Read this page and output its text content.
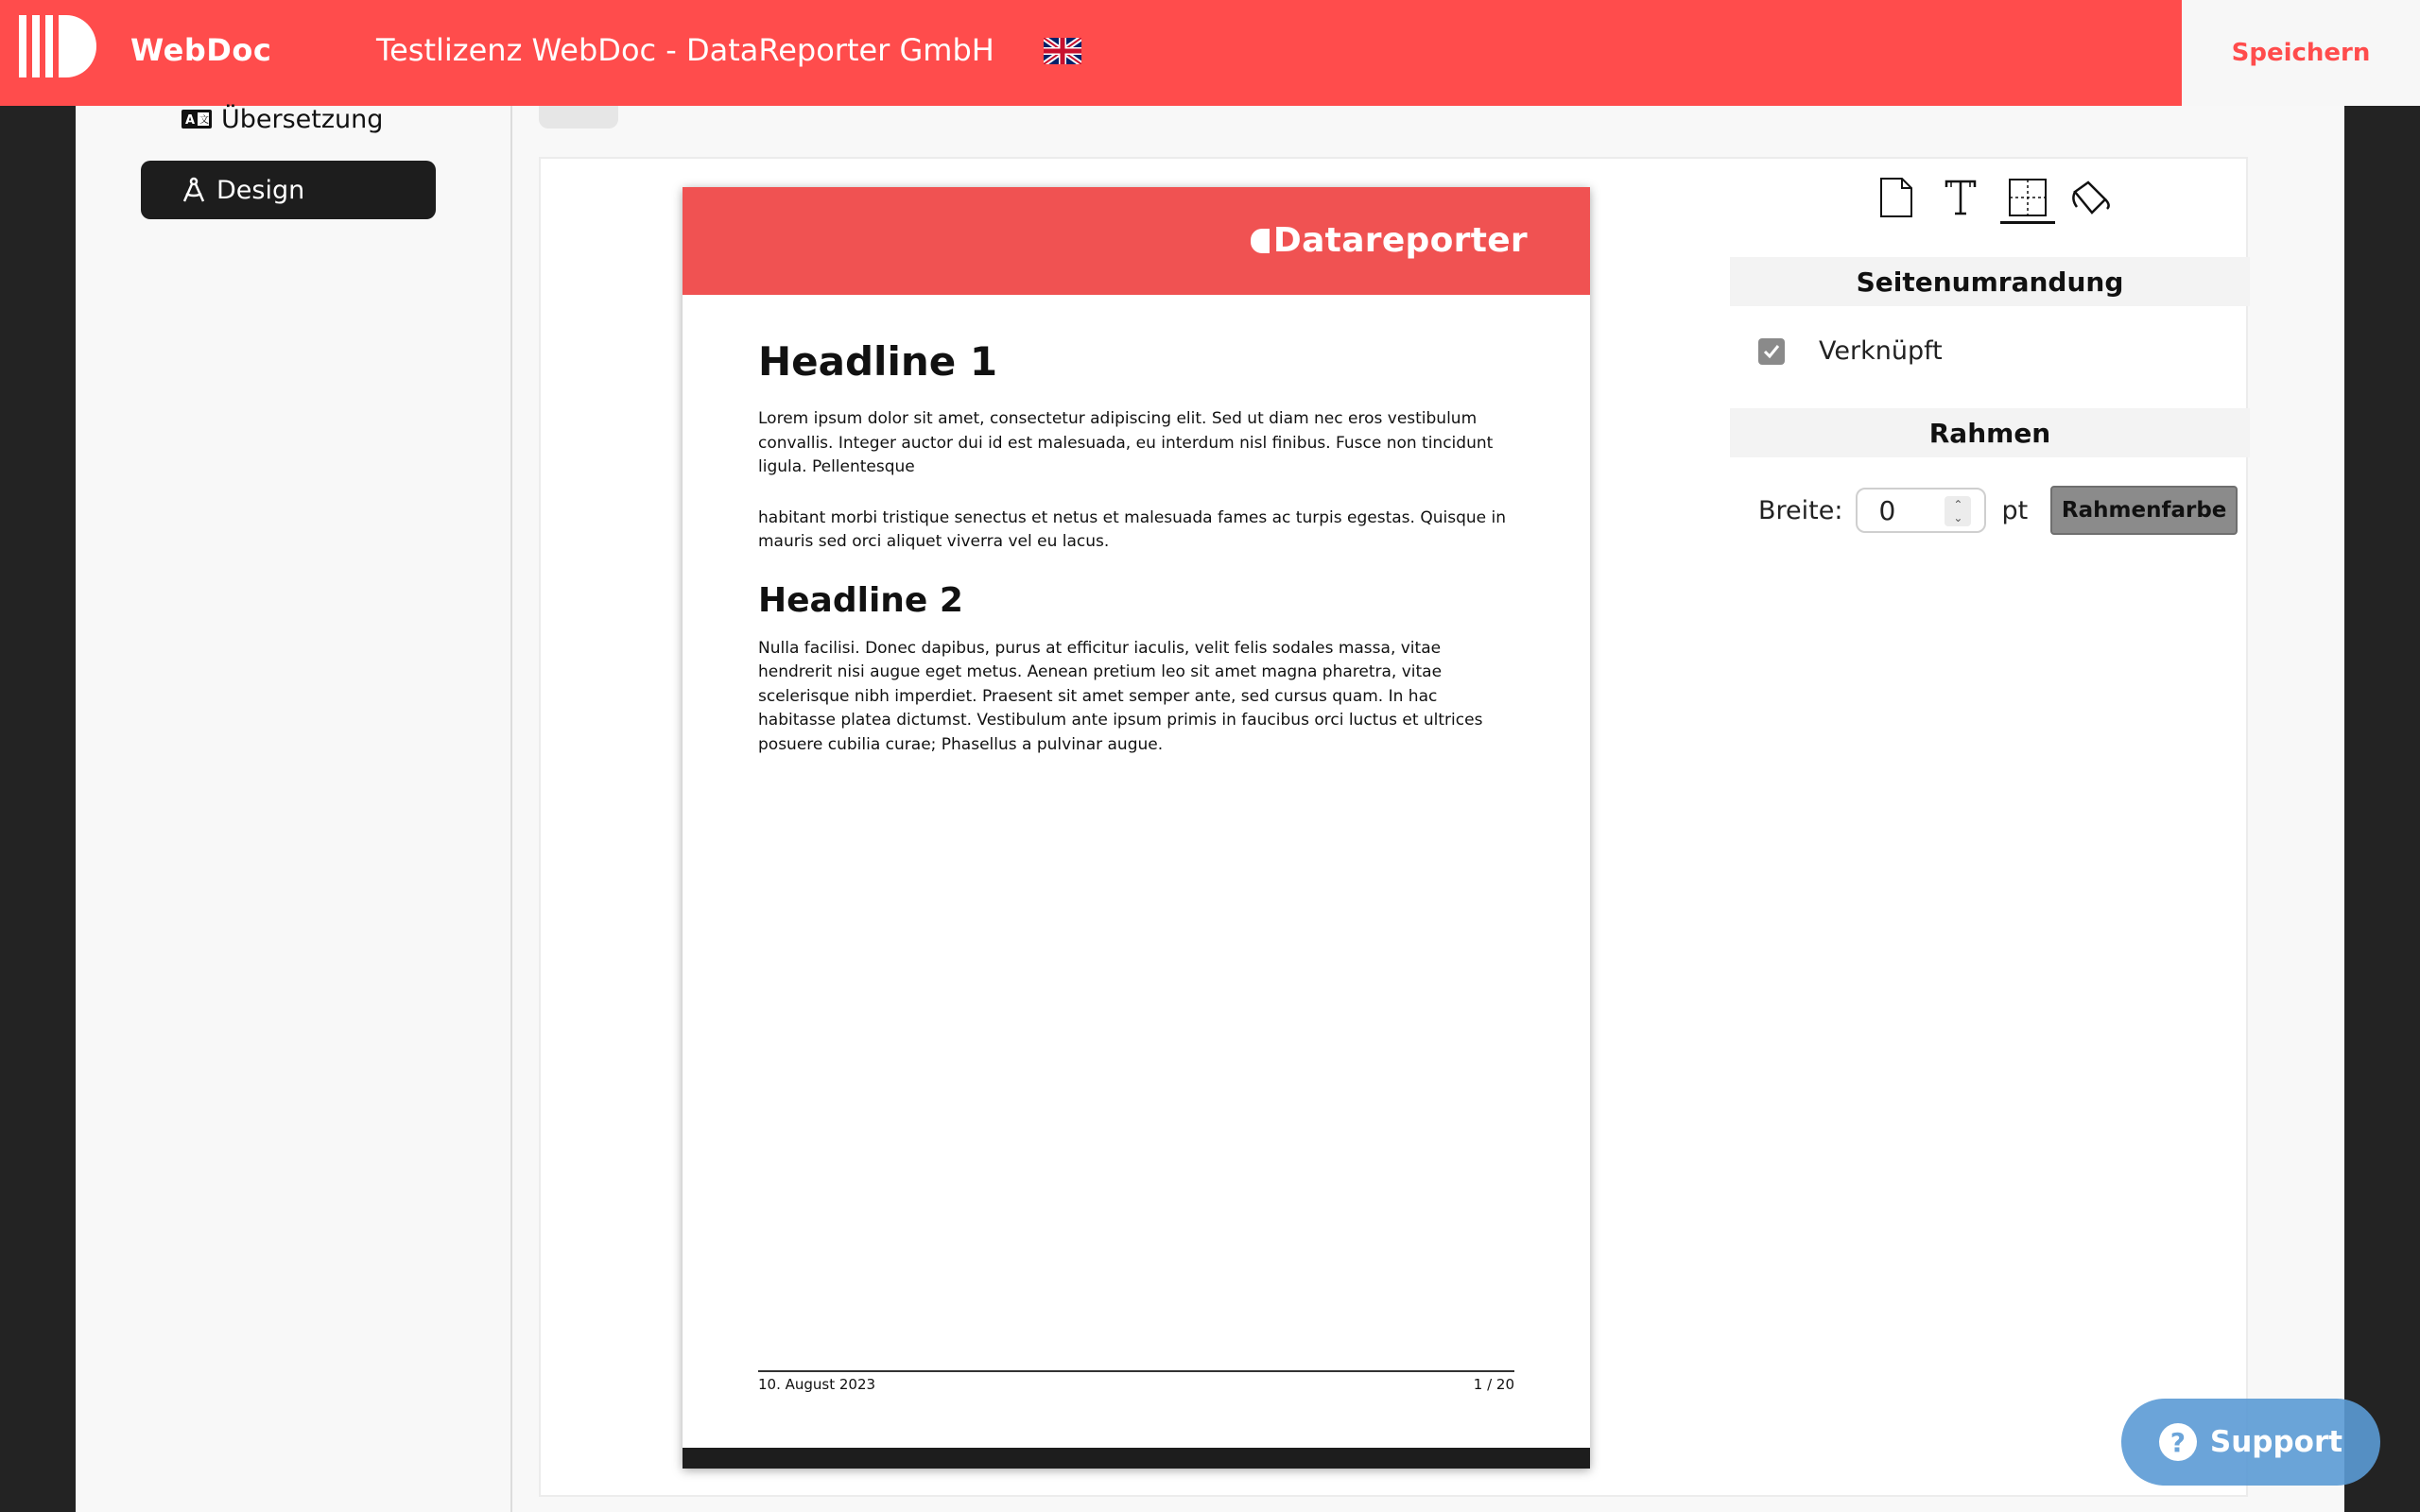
WebDoc	Testlizenz WebDoc - DataReporter GmbH	Speichern
A 文 Übersetzung
Design
Datareporter
Headline 1

Lorem ipsum dolor sit amet, consectetur adipiscing elit. Sed ut diam nec eros vestibulum convallis. Integer auctor dui id est malesuada, eu interdum nisl finibus. Fusce non tincidunt ligula. Pellentesque

habitant morbi tristique senectus et netus et malesuada fames ac turpis egestas. Quisque in mauris sed orci aliquet viverra vel eu lacus.

Headline 2

Nulla facilisi. Donec dapibus, purus at efficitur iaculis, velit felis sodales massa, vitae hendrerit nisi augue eget metus. Aenean pretium leo sit amet magna pharetra, vitae scelerisque nibh imperdiet. Praesent sit amet semper ante, sed cursus quam. In hac habitasse platea dictumst. Vestibulum ante ipsum primis in faucibus orci luctus et ultrices posuere cubilia curae; Phasellus a pulvinar augue.

10. August 2023	1 / 20
Seitenumrandung
Verknüpft
Rahmen
Breite:
0	⌃
⌄ pt	Rahmenfarbe
? Support
